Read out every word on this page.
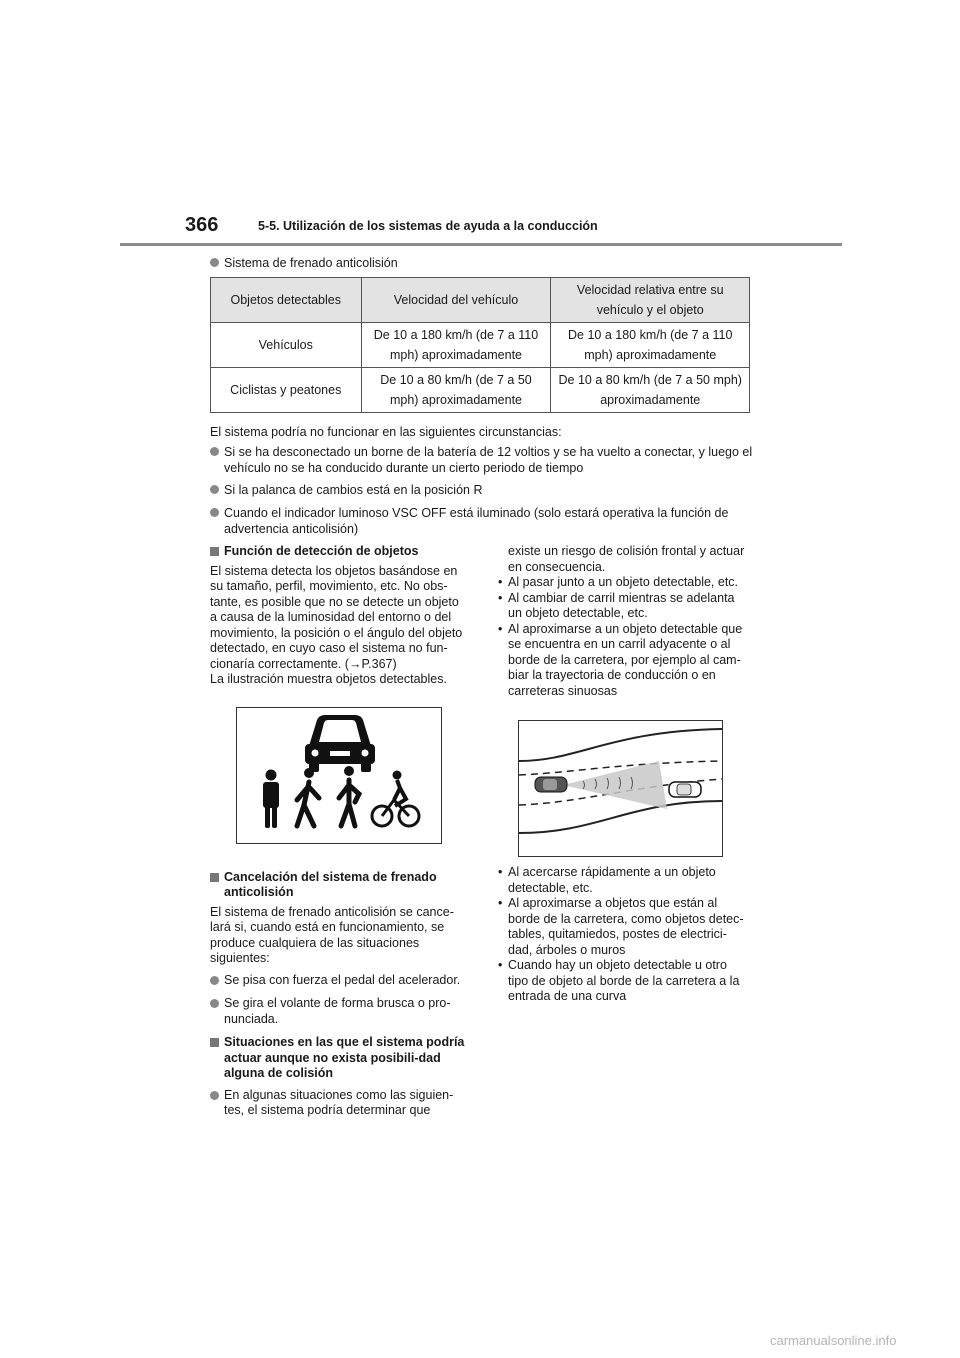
366	5-5. Utilización de los sistemas de ayuda a la conducción
Sistema de frenado anticolisión
Objetos detectables	Velocidad del vehículo	Velocidad relativa entre su vehículo y el objeto
Vehículos	De 10 a 180 km/h (de 7 a 110 mph) aproximadamente	De 10 a 180 km/h (de 7 a 110 mph) aproximadamente
Ciclistas y peatones	De 10 a 80 km/h (de 7 a 50 mph) aproximadamente	De 10 a 80 km/h (de 7 a 50 mph) aproximadamente
El sistema podría no funcionar en las siguientes circunstancias:
Si se ha desconectado un borne de la batería de 12 voltios y se ha vuelto a conectar, y luego el vehículo no se ha conducido durante un cierto periodo de tiempo
Si la palanca de cambios está en la posición R
Cuando el indicador luminoso VSC OFF está iluminado (solo estará operativa la función de advertencia anticolisión)
Función de detección de objetos
El sistema detecta los objetos basándose en su tamaño, perfil, movimiento, etc. No obs-tante, es posible que no se detecte un objeto a causa de la luminosidad del entorno o del movimiento, la posición o el ángulo del objeto detectado, en cuyo caso el sistema no fun-cionaría correctamente. (→P.367)
La ilustración muestra objetos detectables.
Cancelación del sistema de frenado anticolisión
El sistema de frenado anticolisión se cance-lará si, cuando está en funcionamiento, se produce cualquiera de las situaciones siguientes:
Se pisa con fuerza el pedal del acelerador.
Se gira el volante de forma brusca o pro-nunciada.
Situaciones en las que el sistema podría actuar aunque no exista posibili-dad alguna de colisión
En algunas situaciones como las siguien-tes, el sistema podría determinar que
existe un riesgo de colisión frontal y actuar en consecuencia.
• Al pasar junto a un objeto detectable, etc.
• Al cambiar de carril mientras se adelanta un objeto detectable, etc.
• Al aproximarse a un objeto detectable que se encuentra en un carril adyacente o al borde de la carretera, por ejemplo al cam-biar la trayectoria de conducción o en carreteras sinuosas
• Al acercarse rápidamente a un objeto detectable, etc.
• Al aproximarse a objetos que están al borde de la carretera, como objetos detec-tables, quitamiedos, postes de electrici-dad, árboles o muros
• Cuando hay un objeto detectable u otro tipo de objeto al borde de la carretera a la entrada de una curva
carmanualsonline.info
